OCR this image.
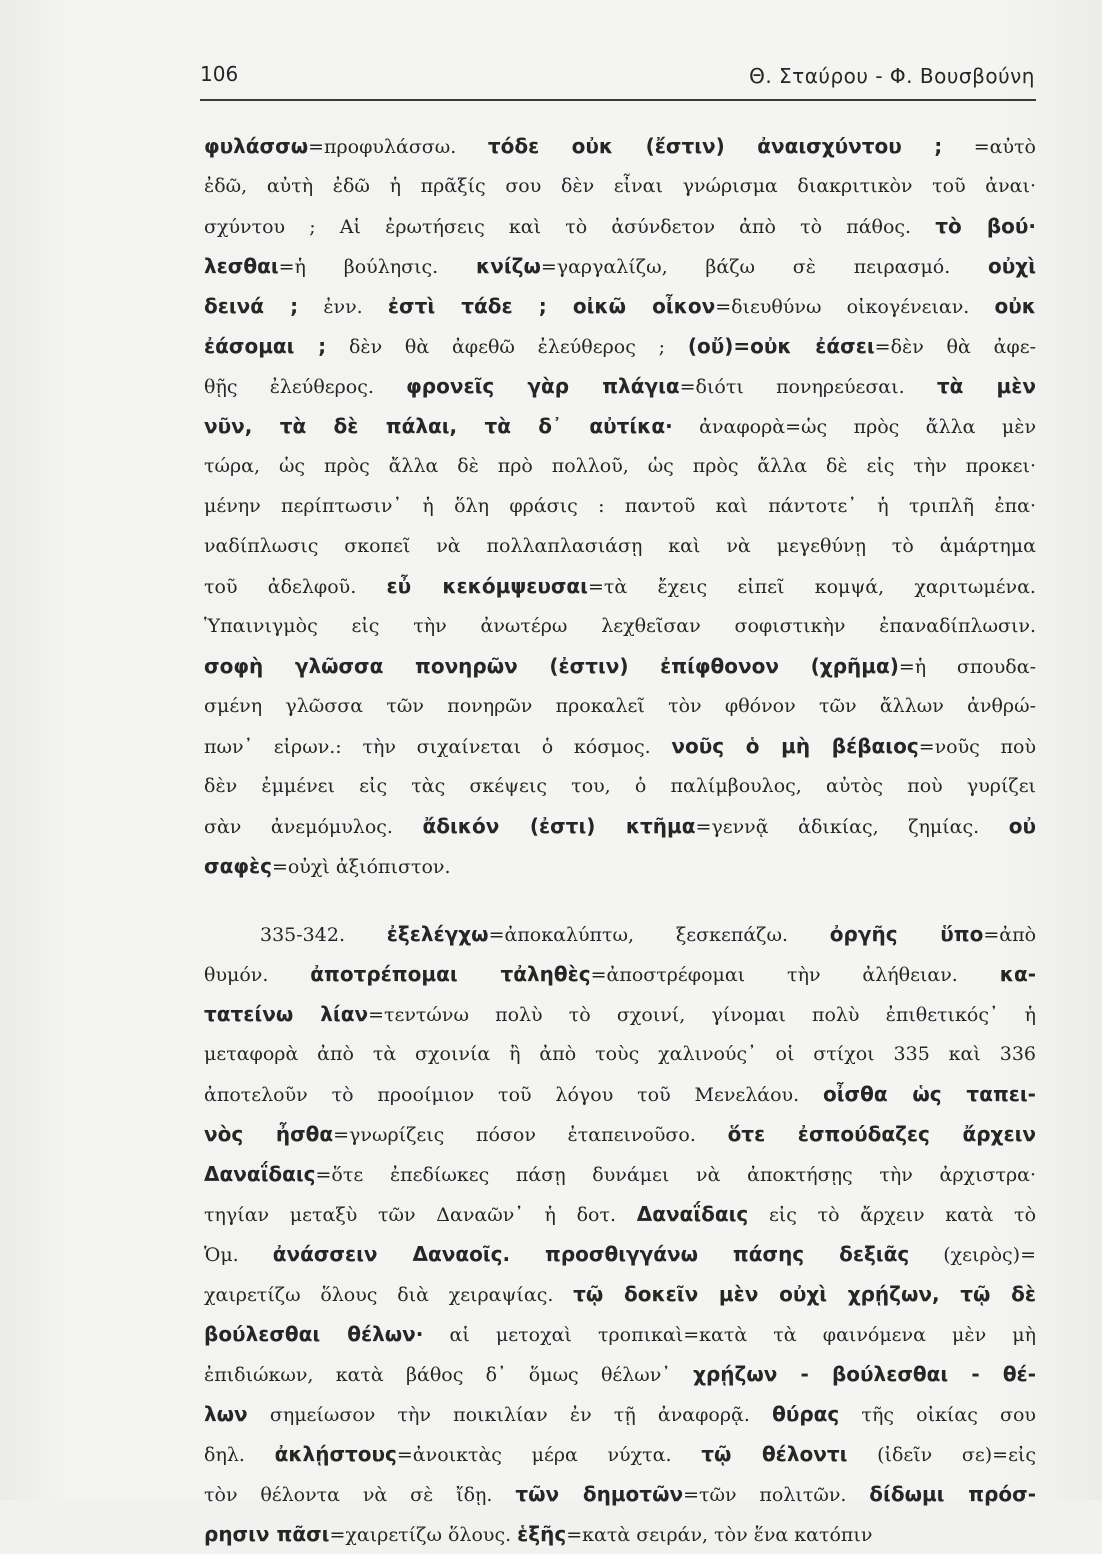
106	Θ. Σταύρου - Φ. Βουσβούνη
φυλάσσω=προφυλάσσω. τόδε οὐκ (ἔστιν) ἀναισχύντου ; =αὐτὸ
ἐδῶ, αὐτὴ ἐδῶ ἡ πρᾶξίς σου δὲν εἶναι γνώρισμα διακριτικὸν τοῦ ἀναι·
σχύντου ; Αἱ ἐρωτήσεις καὶ τὸ ἀσύνδετον ἀπὸ τὸ πάθος. τὸ βού·
λεσθαι=ἡ βούλησις. κνίζω=γαργαλίζω, βάζω σὲ πειρασμό. οὐχὶ
δεινά ; ἐνν. ἐστὶ τάδε ; οἰκῶ οἶκον=διευθύνω οἰκογένειαν. οὐκ
ἐάσομαι ; δὲν θὰ ἀφεθῶ ἐλεύθερος ; (οὔ)=οὐκ ἐάσει=δὲν θὰ ἀφε-
θῇς ἐλεύθερος. φρονεῖς γὰρ πλάγια=διότι πονηρεύεσαι. τὰ μὲν
νῦν, τὰ δὲ πάλαι, τὰ δ᾽ αὐτίκα· ἀναφορὰ=ὡς πρὸς ἄλλα μὲν
τώρα, ὡς πρὸς ἄλλα δὲ πρὸ πολλοῦ, ὡς πρὸς ἄλλα δὲ εἰς τὴν προκει·
μένην περίπτωσιν᾽ ἡ ὅλη φράσις : παντοῦ καὶ πάντοτε᾽ ἡ τριπλῆ ἐπα·
ναδίπλωσις σκοπεῖ νὰ πολλαπλασιάσῃ καὶ νὰ μεγεθύνῃ τὸ ἁμάρτημα
τοῦ ἀδελφοῦ. εὖ κεκόμψευσαι=τὰ ἔχεις εἰπεῖ κομψά, χαριτωμένα.
Ὑπαινιγμὸς εἰς τὴν ἀνωτέρω λεχθεῖσαν σοφιστικὴν ἐπαναδίπλωσιν.
σοφὴ γλῶσσα πονηρῶν (ἐστιν) ἐπίφθονον (χρῆμα)=ἡ σπουδα-
σμένη γλῶσσα τῶν πονηρῶν προκαλεῖ τὸν φθόνον τῶν ἄλλων ἀνθρώ-
πων᾽ εἰρων.: τὴν σιχαίνεται ὁ κόσμος. νοῦς ὁ μὴ βέβαιος=νοῦς ποὺ
δὲν ἐμμένει εἰς τὰς σκέψεις του, ὁ παλίμβουλος, αὐτὸς ποὺ γυρίζει
σὰν ἀνεμόμυλος. ἄδικόν (ἐστι) κτῆμα=γεννᾷ ἀδικίας, ζημίας. οὐ
σαφὲς=οὐχὶ ἀξιόπιστον.
335-342. ἐξελέγχω=ἀποκαλύπτω, ξεσκεπάζω. ὀργῆς ὕπο=ἀπὸ
θυμόν. ἀποτρέπομαι τἀληθὲς=ἀποστρέφομαι τὴν ἀλήθειαν. κα-
τατείνω λίαν=τεντώνω πολὺ τὸ σχοινί, γίνομαι πολὺ ἐπιθετικός᾽ ἡ
μεταφορὰ ἀπὸ τὰ σχοινία ἢ ἀπὸ τοὺς χαλινούς᾽ οἱ στίχοι 335 καὶ 336
ἀποτελοῦν τὸ προοίμιον τοῦ λόγου τοῦ Μενελάου. οἶσθα ὡς ταπει-
νὸς ἦσθα=γνωρίζεις πόσον ἐταπεινοῦσο. ὅτε ἐσπούδαζες ἄρχειν
Δαναΐδαις=ὅτε ἐπεδίωκες πάσῃ δυνάμει νὰ ἀποκτήσῃς τὴν ἀρχιστρα·
τηγίαν μεταξὺ τῶν Δαναῶν᾽ ἡ δοτ. Δαναΐδαις εἰς τὸ ἄρχειν κατὰ τὸ
Ὁμ. ἀνάσσειν Δαναοῖς. προσθιγγάνω πάσης δεξιᾶς (χειρὸς)=
χαιρετίζω ὅλους διὰ χειραψίας. τῷ δοκεῖν μὲν οὐχὶ χρῄζων, τῷ δὲ
βούλεσθαι θέλων· αἱ μετοχαὶ τροπικαὶ=κατὰ τὰ φαινόμενα μὲν μὴ
ἐπιδιώκων, κατὰ βάθος δ᾽ ὅμως θέλων᾽ χρῄζων - βούλεσθαι - θέ-
λων σημείωσον τὴν ποικιλίαν ἐν τῇ ἀναφορᾷ. θύρας τῆς οἰκίας σου
δηλ. ἀκλῄστους=ἀνοικτὰς μέρα νύχτα. τῷ θέλοντι (ἰδεῖν σε)=εἰς
τὸν θέλοντα νὰ σὲ ἴδῃ. τῶν δημοτῶν=τῶν πολιτῶν. δίδωμι πρόσ-
ρησιν πᾶσι=χαιρετίζω ὅλους. ἑξῆς=κατὰ σειράν, τὸν ἕνα κατόπιν
